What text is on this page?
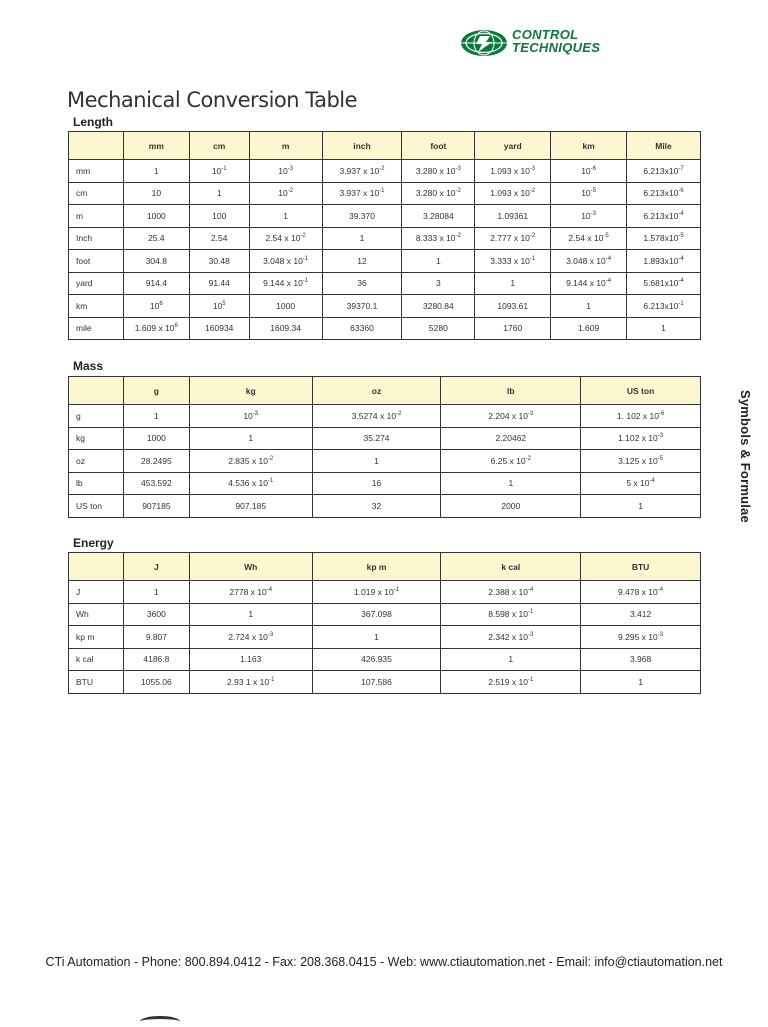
CONTROL
TECHNIQUES
Mechanical Conversion Table
Length
	mm	cm	m	inch	foot	yard	km	Mile
mm	1	$10^{-1}$	$10^{-3}$	3.937 x $10^{-2}$	3.280 x $10^{-3}$	1.093 x $10^{-3}$	$10^{-6}$	$6.213x10^{-7}$
cm	10	1	$10^{-2}$	3.937 x $10^{-1}$	3.280 x $10^{-2}$	1.093 x $10^{-2}$	$10^{-5}$	$6.213x10^{-6}$
m	1000	100	1	39.370	3.28084	1.09361	$10^{-3}$	$6.213x10^{-4}$
Inch	25.4	2.54	2.54 x $10^{-2}$	1	8.333 x $10^{-2}$	2.777 x $10^{-2}$	2.54 x $10^{-5}$	$1.578x10^{-5}$
foot	304.8	30.48	3.048 x $10^{-1}$	12	1	3.333 x $10^{-1}$	3.048 x $10^{-4}$	$1.893x10^{-4}$
yard	914.4	91.44	9.144 x $10^{-1}$	36	3	1	9.144 x $10^{-4}$	$5.681x10^{-4}$
km	$10^6$	$10^5$	1000	39370.1	3280.84	1093.61	1	$6.213x10^{-1}$
mile	1.609 x $10^6$	160934	1609.34	63360	5280	1760	1.609	1
Mass
	g	kg	oz	lb	US ton
g	1	$10^{-3}$	3.5274 x $10^{-2}$	2.204 x $10^{-3}$	1. 102 x $10^{-6}$
kg	1000	1	35.274	2.20462	1.102 x $10^{-3}$
oz	28.2495	2.835 x $10^{-2}$	1	6.25 x $10^{-2}$	3.125 x $10^{-5}$
lb	453.592	4.536 x $10^{-1}$	16	1	5 x $10^{-4}$
US ton	907185	907.185	32	2000	1
Energy
	J	Wh	kp m	k cal	BTU
J	1	2778 x $10^{-4}$	1.019 x $10^{-1}$	2.388 x $10^{-4}$	9.478 x $10^{-4}$
Wh	3600	1	367.098	8.598 x $10^{-1}$	3.412
kp m	9.807	2.724 x $10^{-3}$	1	2.342 x $10^{-3}$	9.295 x $10^{-3}$
k cal	4186.8	1.163	426.935	1	3.968
BTU	1055.06	2.93 1 x $10^{-1}$	107.586	2.519 x $10^{-1}$	1
Symbols & Formulae
CTi Automation - Phone: 800.894.0412 - Fax: 208.368.0415 - Web: www.ctiautomation.net - Email: info@ctiautomation.net
